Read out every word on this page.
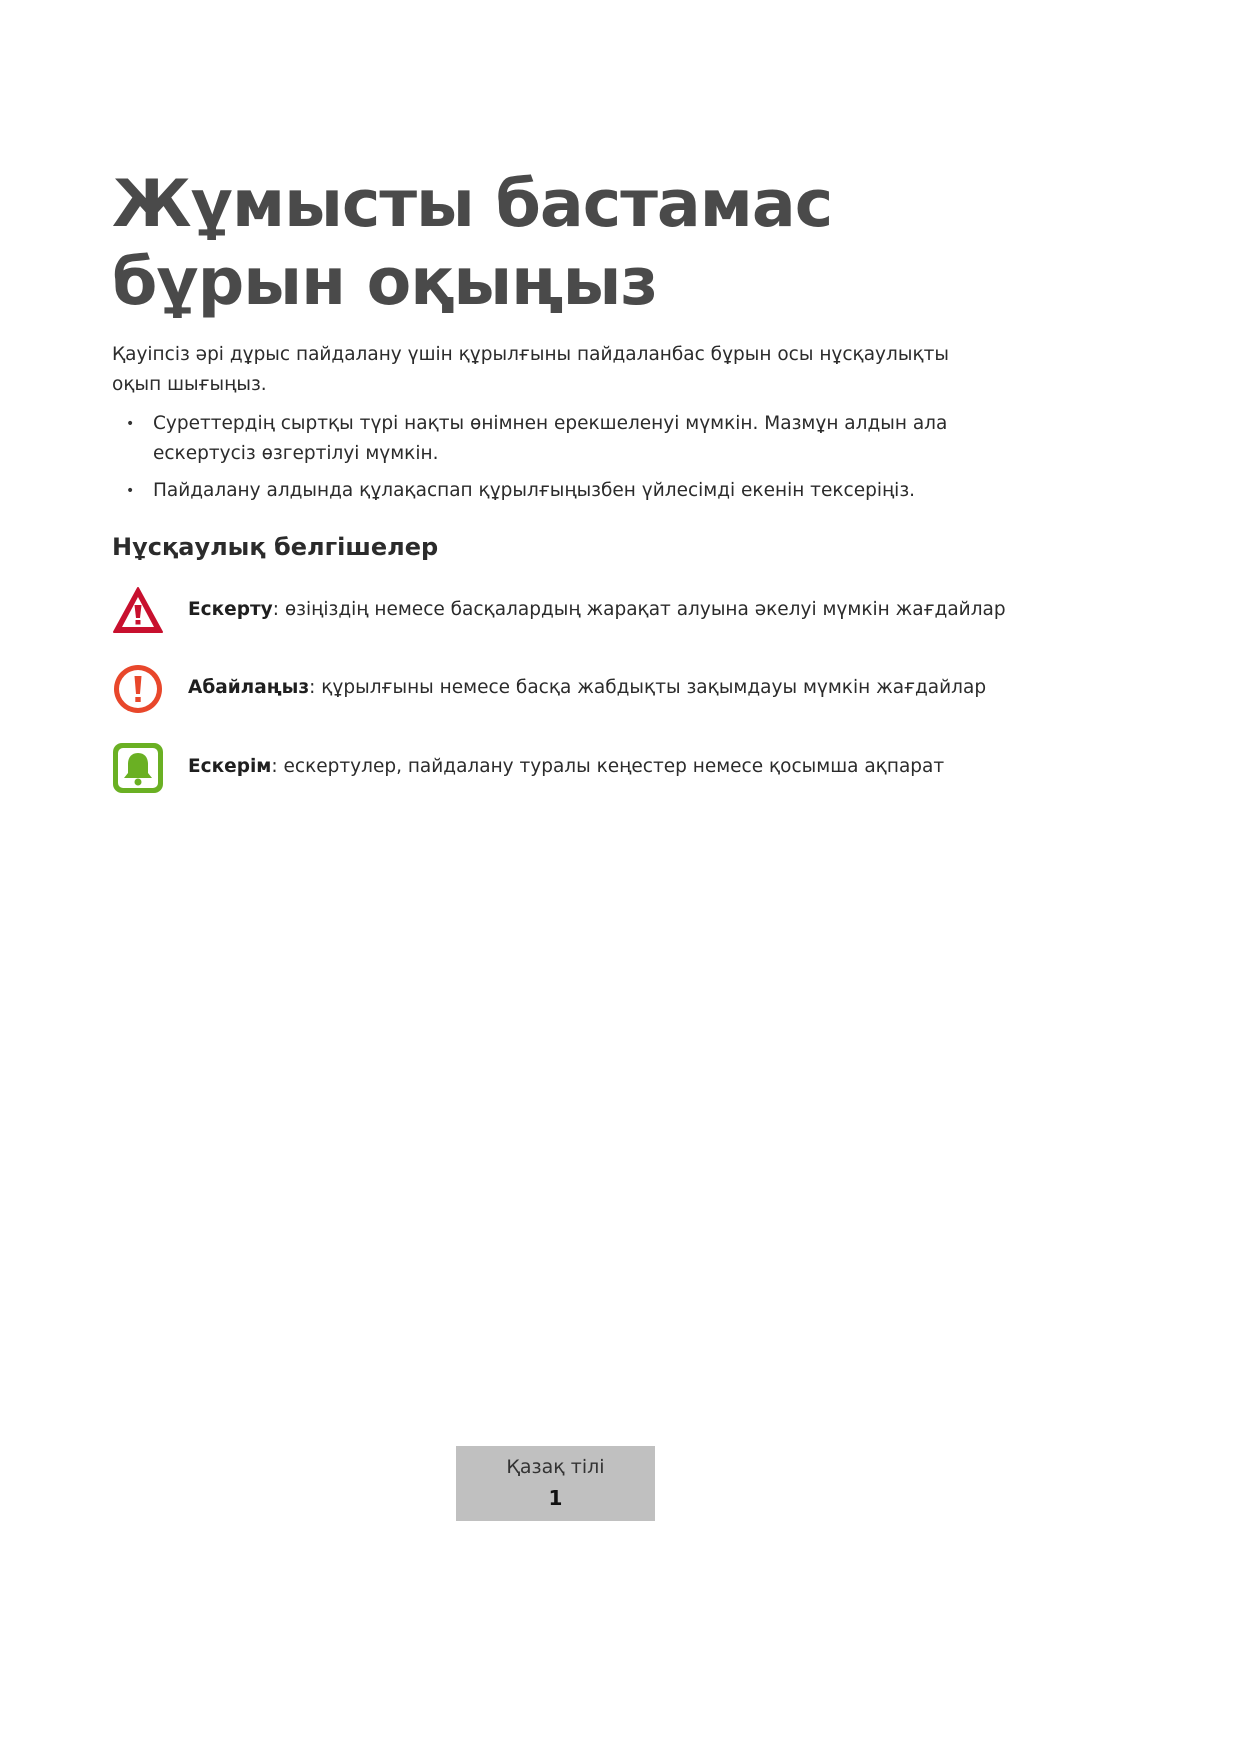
Жұмысты бастамас бұрын оқыңыз

Қауіпсіз әрі дұрыс пайдалану үшін құрылғыны пайдаланбас бұрын осы нұсқаулықты оқып шығыңыз.

• Суреттердің сыртқы түрі нақты өнімнен ерекшеленуі мүмкін. Мазмұн алдын ала ескертусіз өзгертілуі мүмкін.
• Пайдалану алдында құлақаспап құрылғыңызбен үйлесімді екенін тексеріңіз.
Нұсқаулық белгішелер
Ескерту: өзіңіздің немесе басқалардың жарақат алуына әкелуі мүмкін жағдайлар
Абайлаңыз: құрылғыны немесе басқа жабдықты зақымдауы мүмкін жағдайлар
Ескерім: ескертулер, пайдалану туралы кеңестер немесе қосымша ақпарат
Қазақ тілі
1
